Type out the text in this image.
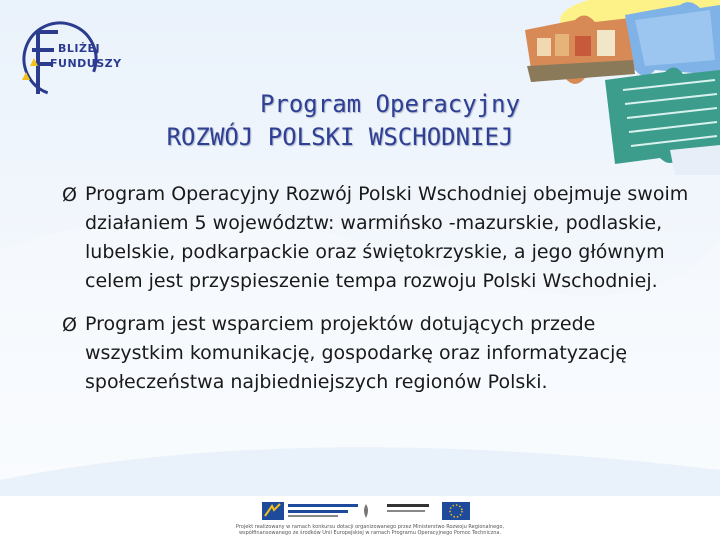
BLIŻEJ
FUNDUSZY
Program Operacyjny
ROZWÓJ POLSKI WSCHODNIEJ
Ø Program Operacyjny Rozwój Polski Wschodniej obejmuje swoim działaniem 5 województw: warmińsko -mazurskie, podlaskie, lubelskie, podkarpackie oraz świętokrzyskie, a jego głównym celem jest przyspieszenie tempa rozwoju Polski Wschodniej.
Ø Program jest wsparciem projektów dotujących przede wszystkim komunikację, gospodarkę oraz informatyzację społeczeństwa najbiedniejszych regionów Polski.
Projekt realizowany w ramach konkursu dotacji organizowanego przez Ministerstwo Rozwoju Regionalnego,
współfinansowanego ze środków Unii Europejskiej w ramach Programu Operacyjnego Pomoc Techniczna.
